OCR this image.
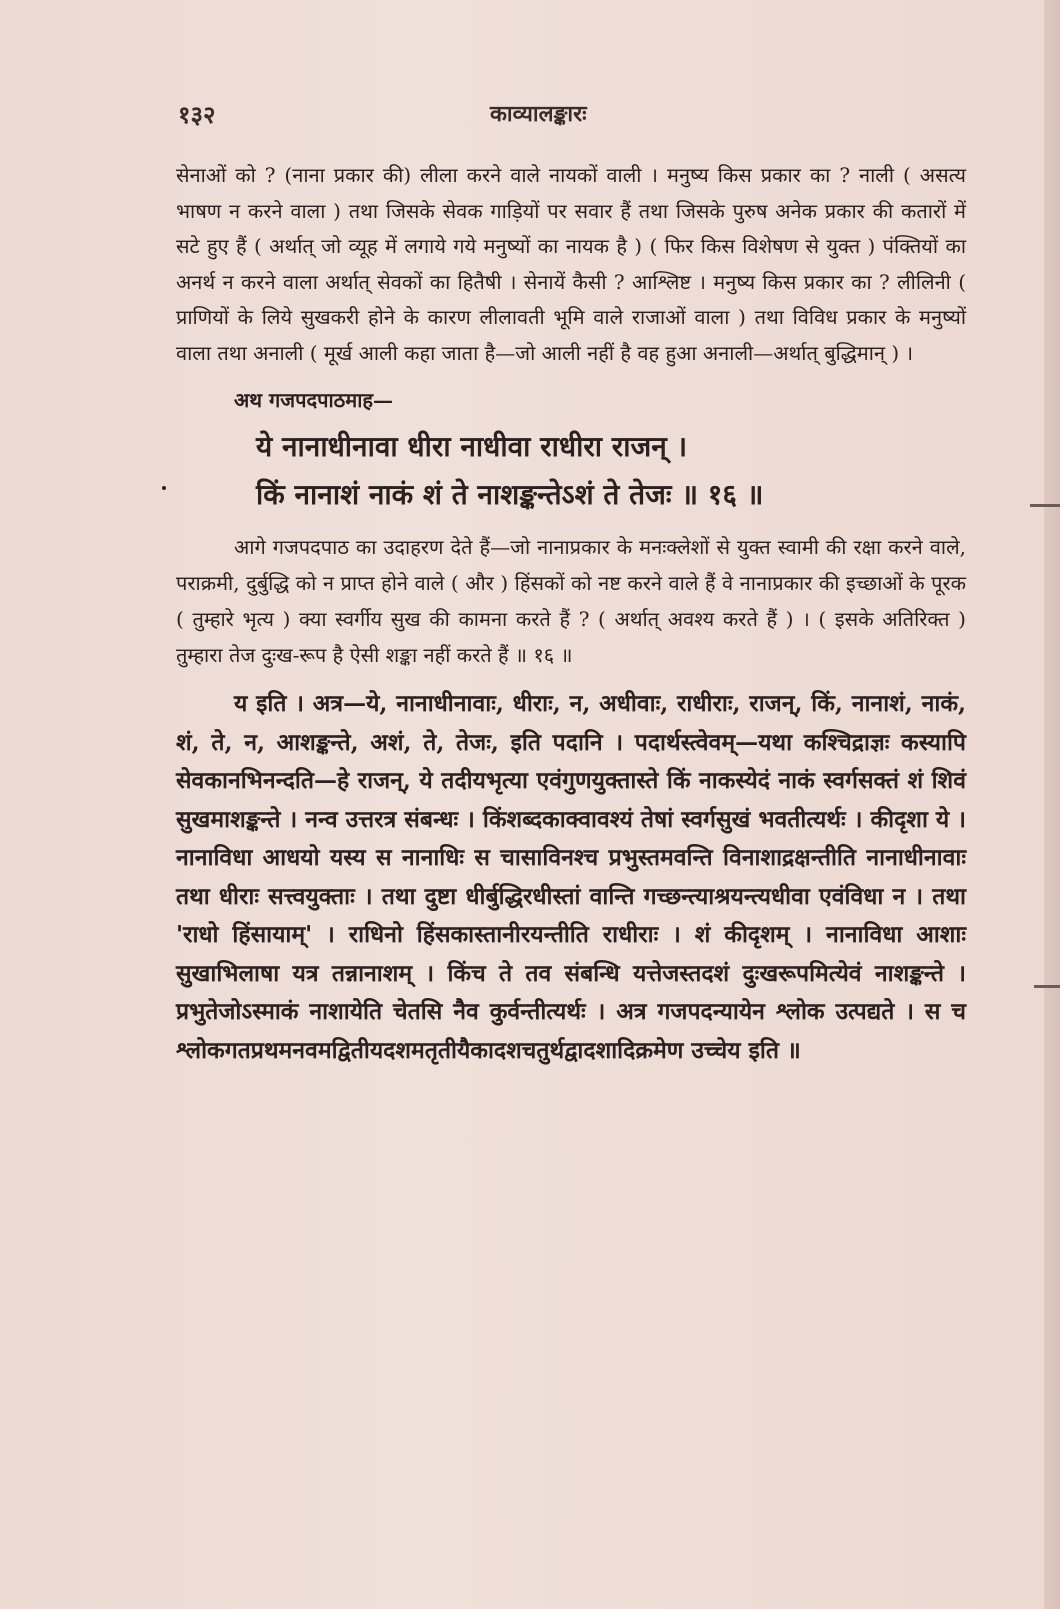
१३२	काव्यालङ्कारः

सेनाओं को ? (नाना प्रकार की) लीला करने वाले नायकों वाली । मनुष्य किस प्रकार का ? नाली ( असत्य भाषण न करने वाला ) तथा जिसके सेवक गाड़ियों पर सवार हैं तथा जिसके पुरुष अनेक प्रकार की कतारों में सटे हुए हैं ( अर्थात् जो व्यूह में लगाये गये मनुष्यों का नायक है ) ( फिर किस विशेषण से युक्त ) पंक्तियों का अनर्थ न करने वाला अर्थात् सेवकों का हितैषी । सेनायें कैसी ? आश्लिष्ट । मनुष्य किस प्रकार का ? लीलिनी ( प्राणियों के लिये सुखकरी होने के कारण लीलावती भूमि वाले राजाओं वाला ) तथा विविध प्रकार के मनुष्यों वाला तथा अनाली ( मूर्ख आली कहा जाता है—जो आली नहीं है वह हुआ अनाली—अर्थात् बुद्धिमान् ) ।

अथ गजपदपाठमाह—

ये नानाधीनावा धीरा नाधीवा राधीरा राजन् ।
किं नानाशं नाकं शं ते नाशङ्कन्तेऽशं ते तेजः ॥ १६ ॥

आगे गजपदपाठ का उदाहरण देते हैं—जो नानाप्रकार के मनःक्लेशों से युक्त स्वामी की रक्षा करने वाले, पराक्रमी, दुर्बुद्धि को न प्राप्त होने वाले ( और ) हिंसकों को नष्ट करने वाले हैं वे नानाप्रकार की इच्छाओं के पूरक ( तुम्हारे भृत्य ) क्या स्वर्गीय सुख की कामना करते हैं ? ( अर्थात् अवश्य करते हैं ) । ( इसके अतिरिक्त ) तुम्हारा तेज दुःख-रूप है ऐसी शङ्का नहीं करते हैं ॥ १६ ॥

य इति । अत्र—ये, नानाधीनावाः, धीराः, न, अधीवाः, राधीराः, राजन्, किं, नानाशं, नाकं, शं, ते, न, आशङ्कन्ते, अशं, ते, तेजः, इति पदानि । पदार्थस्त्वेवम्—यथा कश्चिद्राज्ञः कस्यापि सेवकानभिनन्दति—हे राजन्, ये तदीयभृत्या एवंगुणयुक्तास्ते किं नाकस्येदं नाकं स्वर्गसक्तं शं शिवं सुखमाशङ्कन्ते । नन्व उत्तरत्र संबन्धः । किंशब्दकाक्वावश्यं तेषां स्वर्गसुखं भवतीत्यर्थः । कीदृशा ये । नानाविधा आधयो यस्य स नानाधिः स चासाविनश्च प्रभुस्तमवन्ति विनाशाद्रक्षन्तीति नानाधीनावाः तथा धीराः सत्त्वयुक्ताः । तथा दुष्टा धीर्बुद्धिरधीस्तां वान्ति गच्छन्त्याश्रयन्त्यधीवा एवंविधा न । तथा 'राधो हिंसायाम्' । राधिनो हिंसकास्तानीरयन्तीति राधीराः । शं कीदृशम् । नानाविधा आशाः सुखाभिलाषा यत्र तन्नानाशम् । किंच ते तव संबन्धि यत्तेजस्तदशं दुःखरूपमित्येवं नाशङ्कन्ते । प्रभुतेजोऽस्माकं नाशायेति चेतसि नैव कुर्वन्तीत्यर्थः । अत्र गजपदन्यायेन श्लोक उत्पद्यते । स च श्लोकगतप्रथमनवमद्वितीयदशमतृतीयैकादशचतुर्थद्वादशादिक्रमेण उच्चेय इति ॥
